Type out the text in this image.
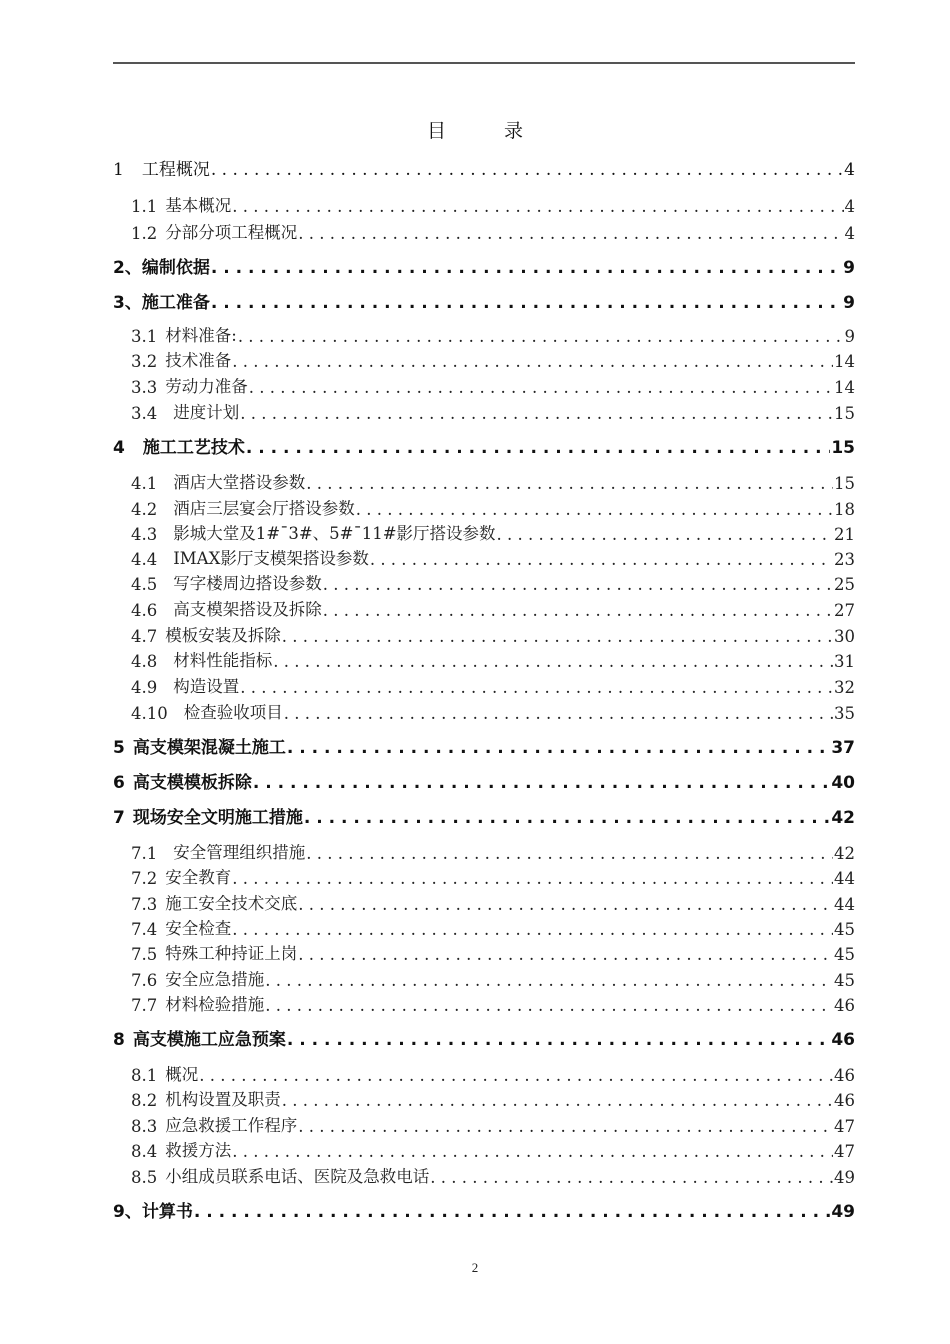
目	录
1 工程概况 . . .	4
1.1 基本概况 . . .	4
1.2 分部分项工程概况 . . .	4
2、 编制依据 . . .	9
3、 施工准备 . . .	9
3.1 材料准备: . . .	9
3.2 技术准备 . . .	14
3.3 劳动力准备 . . .	14
3.4 进度计划 . . .	15
4 施工工艺技术 . . .	15
4.1 酒店大堂搭设参数 . . .	15
4.2 酒店三层宴会厅搭设参数 . . .	18
4.3 影城大堂及1#¯3#、5#¯11#影厅搭设参数 . . .	21
4.4 IMAX影厅支模架搭设参数 . . .	23
4.5 写字楼周边搭设参数 . . .	25
4.6 高支模架搭设及拆除 . . .	27
4.7 模板安装及拆除 . . .	30
4.8 材料性能指标 . . .	31
4.9 构造设置 . . .	32
4.10 检查验收项目 . . .	35
5 高支模架混凝土施工 . . .	37
6 高支模模板拆除 . . .	40
7 现场安全文明施工措施 . . .	42
7.1 安全管理组织措施 . . .	42
7.2 安全教育 . . .	44
7.3 施工安全技术交底 . . .	44
7.4 安全检查 . . .	45
7.5 特殊工种持证上岗 . . .	45
7.6 安全应急措施 . . .	45
7.7 材料检验措施 . . .	46
8 高支模施工应急预案 . . .	46
8.1 概况 . . .	46
8.2 机构设置及职责 . . .	46
8.3 应急救援工作程序 . . .	47
8.4 救援方法 . . .	47
8.5 小组成员联系电话、医院及急救电话 . . .	49
9、 计算书 . . .	49
2
